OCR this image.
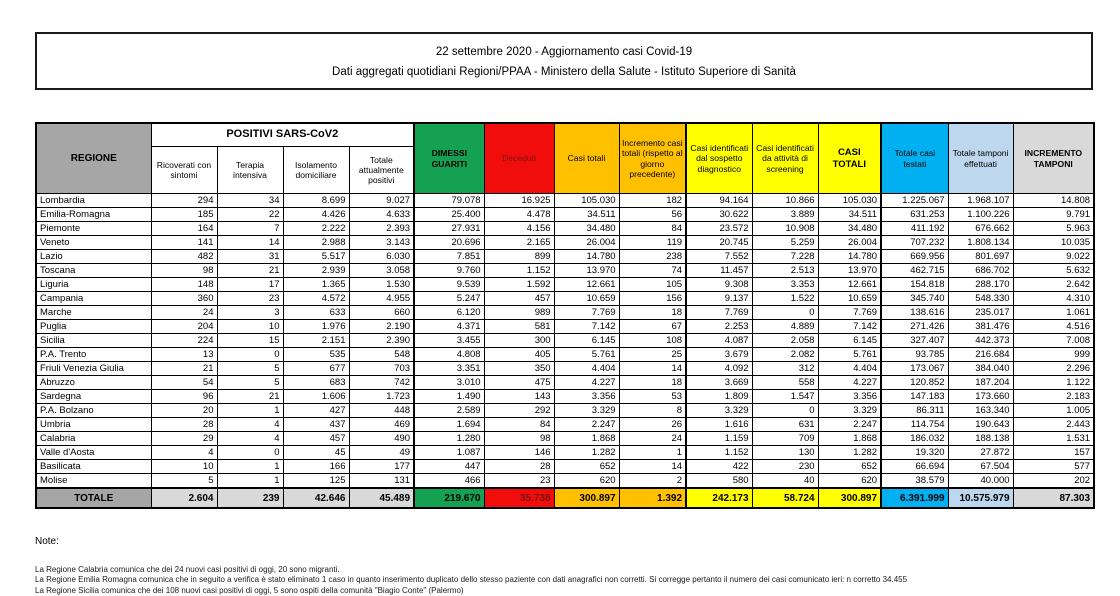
22 settembre 2020 - Aggiornamento casi Covid-19

Dati aggregati quotidiani Regioni/PPAA - Ministero della Salute - Istituto Superiore di Sanità

REGIONE	POSITIVI SARS-CoV2				DIMESSI GUARITI	Deceduti	Casi totali	Incremento casi totali (rispetto al giorno precedente)	Casi identificati dal sospetto diagnostico	Casi identificati da attività di screening	CASI TOTALI	Totale casi testati	Totale tamponi effettuati	INCREMENTO TAMPONI
	Ricoverati con sintomi	Terapia intensiva	Isolamento domiciliare	Totale attualmente positivi										
Lombardia	294	34	8.699	9.027	79.078	16.925	105.030	182	94.164	10.866	105.030	1.225.067	1.968.107	14.808
Emilia-Romagna	185	22	4.426	4.633	25.400	4.478	34.511	56	30.622	3.889	34.511	631.253	1.100.226	9.791
Piemonte	164	7	2.222	2.393	27.931	4.156	34.480	84	23.572	10.908	34.480	411.192	676.662	5.963
Veneto	141	14	2.988	3.143	20.696	2.165	26.004	119	20.745	5.259	26.004	707.232	1.808.134	10.035
Lazio	482	31	5.517	6.030	7.851	899	14.780	238	7.552	7.228	14.780	669.956	801.697	9.022
Toscana	98	21	2.939	3.058	9.760	1.152	13.970	74	11.457	2.513	13.970	462.715	686.702	5.632
Liguria	148	17	1.365	1.530	9.539	1.592	12.661	105	9.308	3.353	12.661	154.818	288.170	2.642
Campania	360	23	4.572	4.955	5.247	457	10.659	156	9.137	1.522	10.659	345.740	548.330	4.310
Marche	24	3	633	660	6.120	989	7.769	18	7.769	0	7.769	138.616	235.017	1.061
Puglia	204	10	1.976	2.190	4.371	581	7.142	67	2.253	4.889	7.142	271.426	381.476	4.516
Sicilia	224	15	2.151	2.390	3.455	300	6.145	108	4.087	2.058	6.145	327.407	442.373	7.008
P.A. Trento	13	0	535	548	4.808	405	5.761	25	3.679	2.082	5.761	93.785	216.684	999
Friuli Venezia Giulia	21	5	677	703	3.351	350	4.404	14	4.092	312	4.404	173.067	384.040	2.296
Abruzzo	54	5	683	742	3.010	475	4.227	18	3.669	558	4.227	120.852	187.204	1.122
Sardegna	96	21	1.606	1.723	1.490	143	3.356	53	1.809	1.547	3.356	147.183	173.660	2.183
P.A. Bolzano	20	1	427	448	2.589	292	3.329	8	3.329	0	3.329	86.311	163.340	1.005
Umbria	28	4	437	469	1.694	84	2.247	26	1.616	631	2.247	114.754	190.643	2.443
Calabria	29	4	457	490	1.280	98	1.868	24	1.159	709	1.868	186.032	188.138	1.531
Valle d'Aosta	4	0	45	49	1.087	146	1.282	1	1.152	130	1.282	19.320	27.872	157
Basilicata	10	1	166	177	447	28	652	14	422	230	652	66.694	67.504	577
Molise	5	1	125	131	466	23	620	2	580	40	620	38.579	40.000	202
TOTALE	2.604	239	42.646	45.489	219.670	35.738	300.897	1.392	242.173	58.724	300.897	6.391.999	10.575.979	87.303

Note:

La Regione Calabria comunica che dei 24 nuovi casi positivi di oggi, 20 sono migranti.

La Regione Emilia Romagna comunica che in seguito a verifica è stato eliminato 1 caso in quanto inserimento duplicato dello stesso paziente con dati anagrafici non corretti. Si corregge pertanto il numero dei casi comunicato ieri: n corretto 34.455

La Regione Sicilia comunica che dei 108 nuovi casi positivi di oggi, 5 sono ospiti della comunità "Biagio Conte" (Palermo)
